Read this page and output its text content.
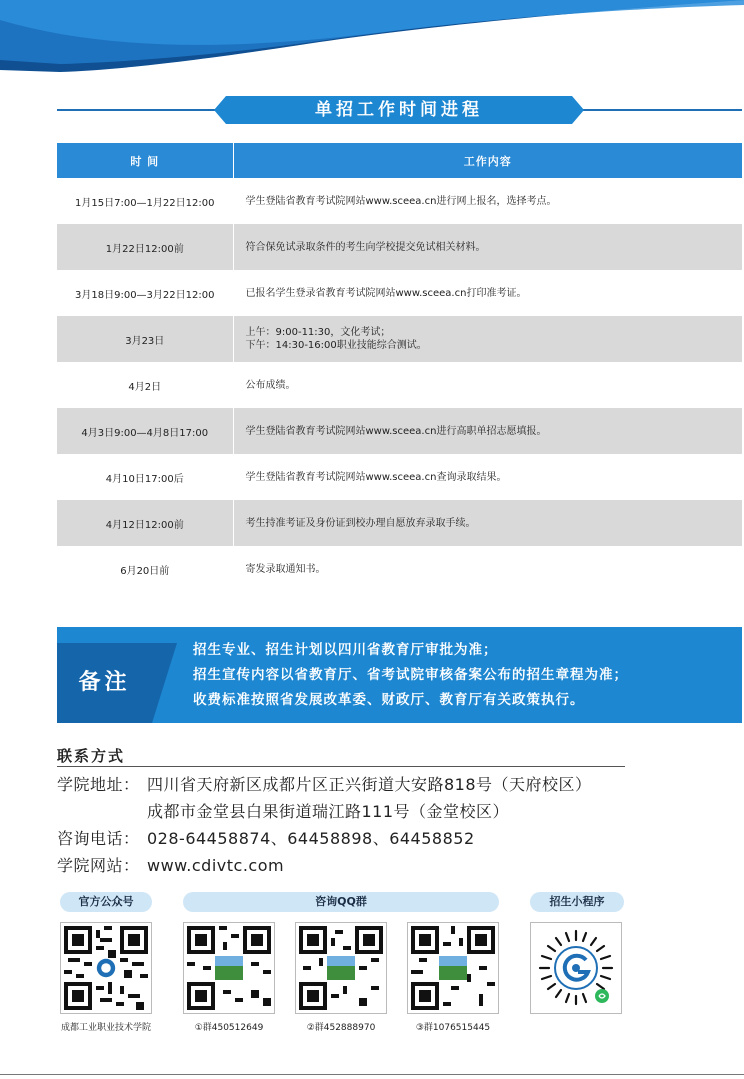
单招工作时间进程
时 间	工作内容
1月15日7:00—1月22日12:00	学生登陆省教育考试院网站www.sceea.cn进行网上报名，选择考点。

1月22日12:00前	符合保免试录取条件的考生向学校提交免试相关材料。

3月18日9:00—3月22日12:00	已报名学生登录省教育考试院网站www.sceea.cn打印准考证。

3月23日	上午：9:00-11:30，文化考试；
下午：14:30-16:00职业技能综合测试。

4月2日	公布成绩。

4月3日9:00—4月8日17:00	学生登陆省教育考试院网站www.sceea.cn进行高职单招志愿填报。

4月10日17:00后	学生登陆省教育考试院网站www.sceea.cn查询录取结果。

4月12日12:00前	考生持准考证及身份证到校办理自愿放弃录取手续。

6月20日前	寄发录取通知书。
备注
招生专业、招生计划以四川省教育厅审批为准；
招生宣传内容以省教育厅、省考试院审核备案公布的招生章程为准；
收费标准按照省发展改革委、财政厅、教育厅有关政策执行。
联系方式
学院地址： 四川省天府新区成都片区正兴街道大安路818号（天府校区）
成都市金堂县白果街道瑞江路111号（金堂校区）
咨询电话： 028-64458874、64458898、64458852
学院网站： www.cdivtc.com
官方公众号	咨询QQ群	招生小程序
成都工业职业技术学院	①群450512649	②群452888970	③群1076515445
